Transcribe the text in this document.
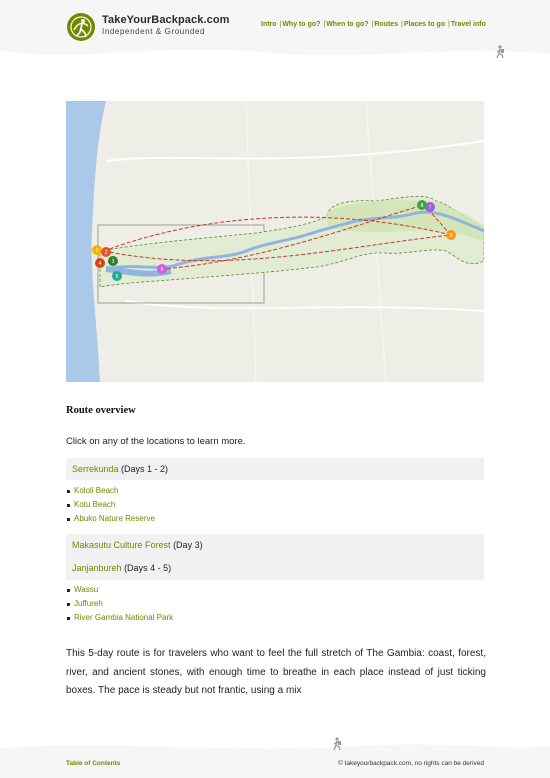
TakeYourBackpack.com
Independent & Grounded
Intro |Why to go? |When to go? |Routes |Places to go |Travel info
1 2
3
4
5
6
7
8
9
Route overview
Click on any of the locations to learn more.
Serrekunda (Days 1 - 2)
Kololi Beach
Kotu Beach
Abuko Nature Reserve
Makasutu Culture Forest (Day 3)
Janjanbureh (Days 4 - 5)
Wassu
Juffureh
River Gambia National Park
This 5-day route is for travelers who want to feel the full stretch of The Gambia: coast, forest, river, and ancient stones, with enough time to breathe in each place instead of just ticking boxes. The pace is steady but not frantic, using a mix
Table of Contents	© takeyourbackpack.com, no rights can be derived
